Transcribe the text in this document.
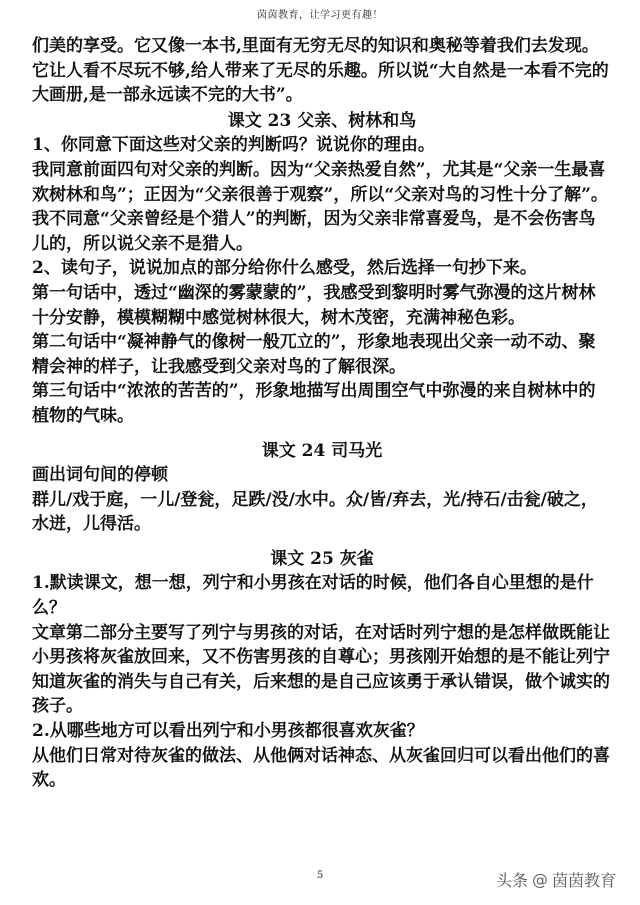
茵茵教育，让学习更有趣！

们美的享受。它又像一本书,里面有无穷无尽的知识和奥秘等着我们去发现。它让人看不尽玩不够,给人带来了无尽的乐趣。所以说“大自然是一本看不完的大画册,是一部永远读不完的大书”。

课文 23 父亲、树林和鸟

1、你同意下面这些对父亲的判断吗？说说你的理由。

我同意前面四句对父亲的判断。因为“父亲热爱自然”，尤其是“父亲一生最喜欢树林和鸟”；正因为“父亲很善于观察”，所以“父亲对鸟的习性十分了解”。我不同意“父亲曾经是个猎人”的判断，因为父亲非常喜爱鸟，是不会伤害鸟儿的，所以说父亲不是猎人。

2、读句子，说说加点的部分给你什么感受，然后选择一句抄下来。

第一句话中，透过“幽深的雾蒙蒙的”，我感受到黎明时雾气弥漫的这片树林十分安静，模模糊糊中感觉树林很大，树木茂密，充满神秘色彩。

第二句话中“凝神静气的像树一般兀立的”，形象地表现出父亲一动不动、聚精会神的样子，让我感受到父亲对鸟的了解很深。

第三句话中“浓浓的苦苦的”，形象地描写出周围空气中弥漫的来自树林中的植物的气味。

课文 24 司马光

画出词句间的停顿

群儿/戏于庭，一儿/登瓮，足跌/没/水中。众/皆/弃去，光/持石/击瓮/破之，水迸，儿得活。

课文 25 灰雀

1.默读课文，想一想，列宁和小男孩在对话的时候，他们各自心里想的是什么？

文章第二部分主要写了列宁与男孩的对话，在对话时列宁想的是怎样做既能让小男孩将灰雀放回来，又不伤害男孩的自尊心；男孩刚开始想的是不能让列宁知道灰雀的消失与自己有关，后来想的是自己应该勇于承认错误，做个诚实的孩子。

2.从哪些地方可以看出列宁和小男孩都很喜欢灰雀？

从他们日常对待灰雀的做法、从他俩对话神态、从灰雀回归可以看出他们的喜欢。

5	头条 @ 茵茵教育
